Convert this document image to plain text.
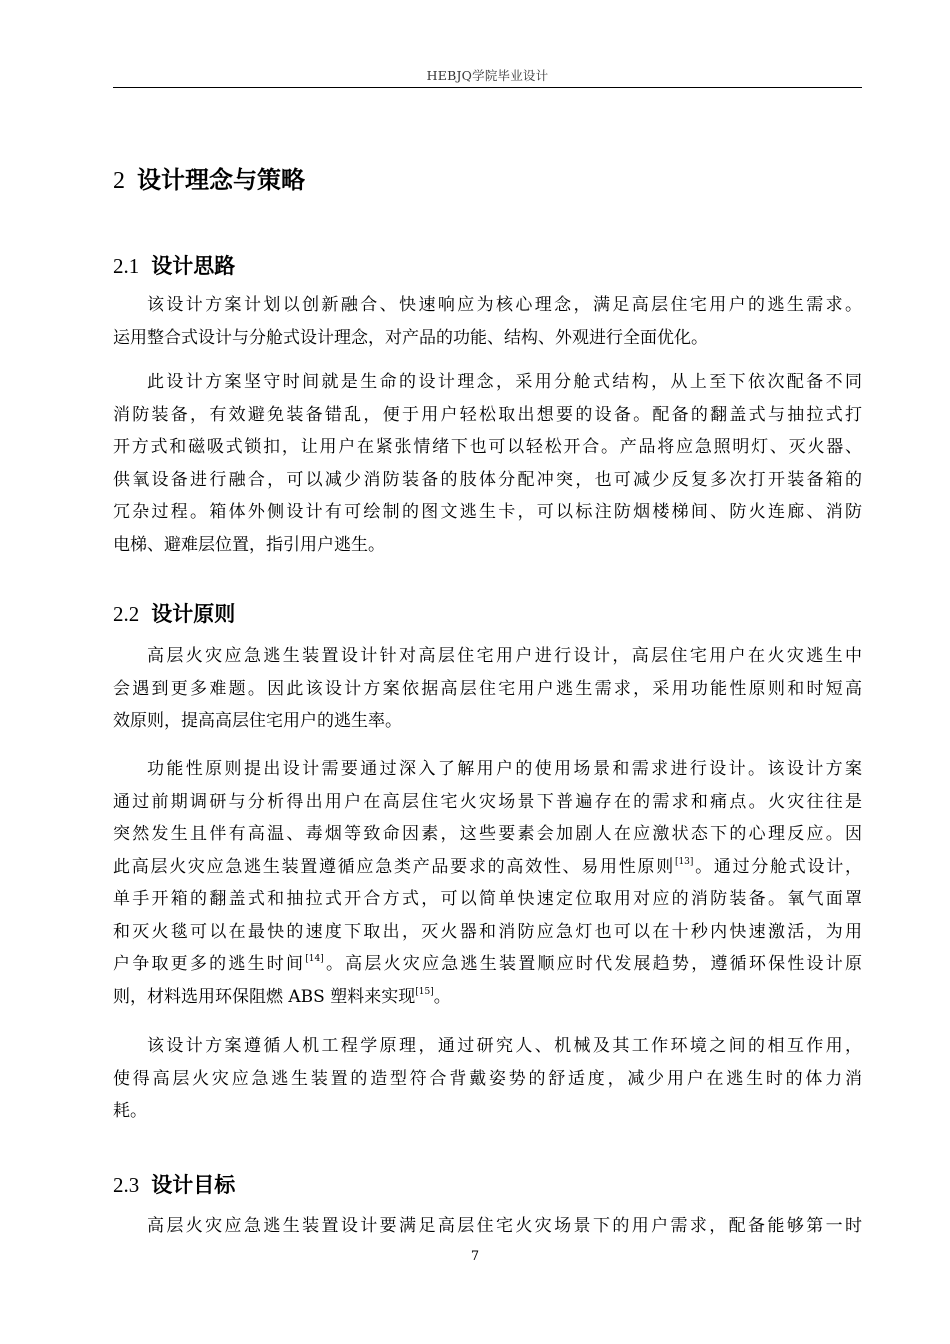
HEBJQ学院毕业设计
2 设计理念与策略
2.1 设计思路
该设计方案计划以创新融合、快速响应为核心理念，满足高层住宅用户的逃生需求。
运用整合式设计与分舱式设计理念，对产品的功能、结构、外观进行全面优化。
此设计方案坚守时间就是生命的设计理念，采用分舱式结构，从上至下依次配备不同
消防装备，有效避免装备错乱，便于用户轻松取出想要的设备。配备的翻盖式与抽拉式打
开方式和磁吸式锁扣，让用户在紧张情绪下也可以轻松开合。产品将应急照明灯、灭火器、
供氧设备进行融合，可以减少消防装备的肢体分配冲突，也可减少反复多次打开装备箱的
冗杂过程。箱体外侧设计有可绘制的图文逃生卡，可以标注防烟楼梯间、防火连廊、消防
电梯、避难层位置，指引用户逃生。
2.2 设计原则
高层火灾应急逃生装置设计针对高层住宅用户进行设计，高层住宅用户在火灾逃生中
会遇到更多难题。因此该设计方案依据高层住宅用户逃生需求，采用功能性原则和时短高
效原则，提高高层住宅用户的逃生率。
功能性原则提出设计需要通过深入了解用户的使用场景和需求进行设计。该设计方案
通过前期调研与分析得出用户在高层住宅火灾场景下普遍存在的需求和痛点。火灾往往是
突然发生且伴有高温、毒烟等致命因素，这些要素会加剧人在应激状态下的心理反应。因
此高层火灾应急逃生装置遵循应急类产品要求的高效性、易用性原则[13]。通过分舱式设计，
单手开箱的翻盖式和抽拉式开合方式，可以简单快速定位取用对应的消防装备。氧气面罩
和灭火毯可以在最快的速度下取出，灭火器和消防应急灯也可以在十秒内快速激活，为用
户争取更多的逃生时间[14]。高层火灾应急逃生装置顺应时代发展趋势，遵循环保性设计原
则，材料选用环保阻燃 ABS 塑料来实现[15]。
该设计方案遵循人机工程学原理，通过研究人、机械及其工作环境之间的相互作用，
使得高层火灾应急逃生装置的造型符合背戴姿势的舒适度，减少用户在逃生时的体力消
耗。
2.3 设计目标
高层火灾应急逃生装置设计要满足高层住宅火灾场景下的用户需求，配备能够第一时
7
